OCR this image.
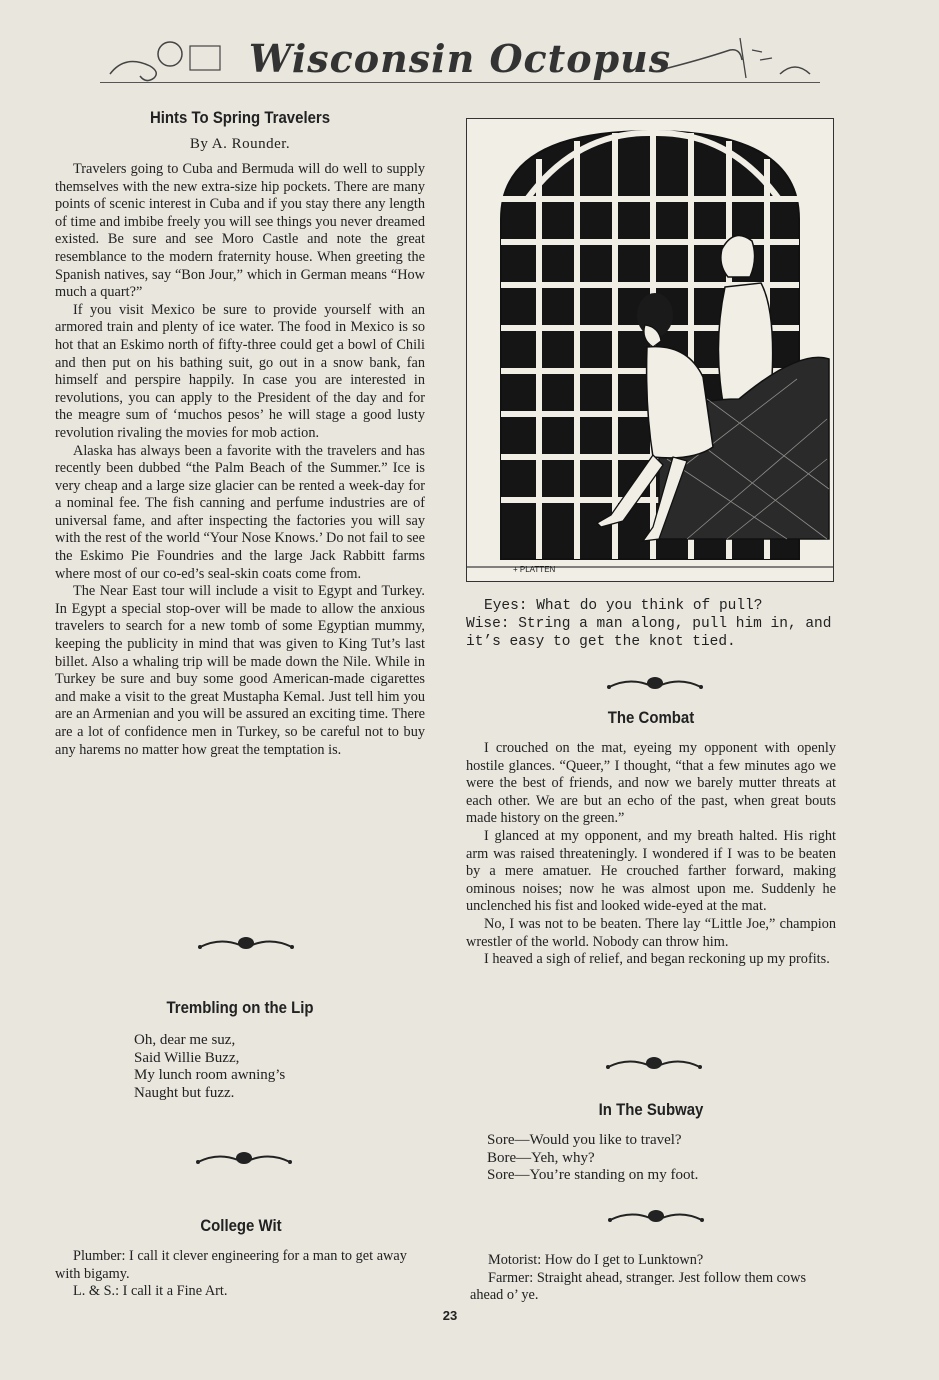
Wisconsin Octopus
Hints To Spring Travelers
By A. Rounder.

Travelers going to Cuba and Bermuda will do well to supply themselves with the new extra-size hip pockets. There are many points of scenic interest in Cuba and if you stay there any length of time and imbibe freely you will see things you never dreamed existed. Be sure and see Moro Castle and note the great resemblance to the modern fraternity house. When greeting the Spanish natives, say “Bon Jour,” which in German means “How much a quart?”

If you visit Mexico be sure to provide yourself with an armored train and plenty of ice water. The food in Mexico is so hot that an Eskimo north of fifty-three could get a bowl of Chili and then put on his bathing suit, go out in a snow bank, fan himself and perspire happily. In case you are interested in revolutions, you can apply to the President of the day and for the meagre sum of ‘muchos pesos’ he will stage a good lusty revolution rivaling the movies for mob action.

Alaska has always been a favorite with the travelers and has recently been dubbed “the Palm Beach of the Summer.” Ice is very cheap and a large size glacier can be rented a week-day for a nominal fee. The fish canning and perfume industries are of universal fame, and after inspecting the factories you will say with the rest of the world “Your Nose Knows.’ Do not fail to see the Eskimo Pie Foundries and the large Jack Rabbitt farms where most of our co-ed’s seal-skin coats come from.

The Near East tour will include a visit to Egypt and Turkey. In Egypt a special stop-over will be made to allow the anxious travelers to search for a new tomb of some Egyptian mummy, keeping the publicity in mind that was given to King Tut’s last billet. Also a whaling trip will be made down the Nile. While in Turkey be sure and buy some good American-made cigarettes and make a visit to the great Mustapha Kemal. Just tell him you are an Armenian and you will be assured an exciting time. There are a lot of confidence men in Turkey, so be careful not to buy any harems no matter how great the temptation is.

Trembling on the Lip
Oh, dear me suz,
Said Willie Buzz,
My lunch room awning’s
Naught but fuzz.
College Wit

Plumber: I call it clever engineering for a man to get away with bigamy.

L. & S.: I call it a Fine Art.

+ PLATTEN

Eyes: What do you think of pull?

Wise: String a man along, pull him in, and it’s easy to get the knot tied.

The Combat

I crouched on the mat, eyeing my opponent with openly hostile glances. “Queer,” I thought, “that a few minutes ago we were the best of friends, and now we barely mutter threats at each other. We are but an echo of the past, when great bouts made history on the green.”

I glanced at my opponent, and my breath halted. His right arm was raised threateningly. I wondered if I was to be beaten by a mere amatuer. He crouched farther forward, making ominous noises; now he was almost upon me. Suddenly he unclenched his fist and looked wide-eyed at the mat.

No, I was not to be beaten. There lay “Little Joe,” champion wrestler of the world. Nobody can throw him.

I heaved a sigh of relief, and began reckoning up my profits.

In The Subway
Sore—Would you like to travel?
Bore—Yeh, why?
Sore—You’re standing on my foot.

Motorist: How do I get to Lunktown?

Farmer: Straight ahead, stranger. Jest follow them cows ahead o’ ye.

23
